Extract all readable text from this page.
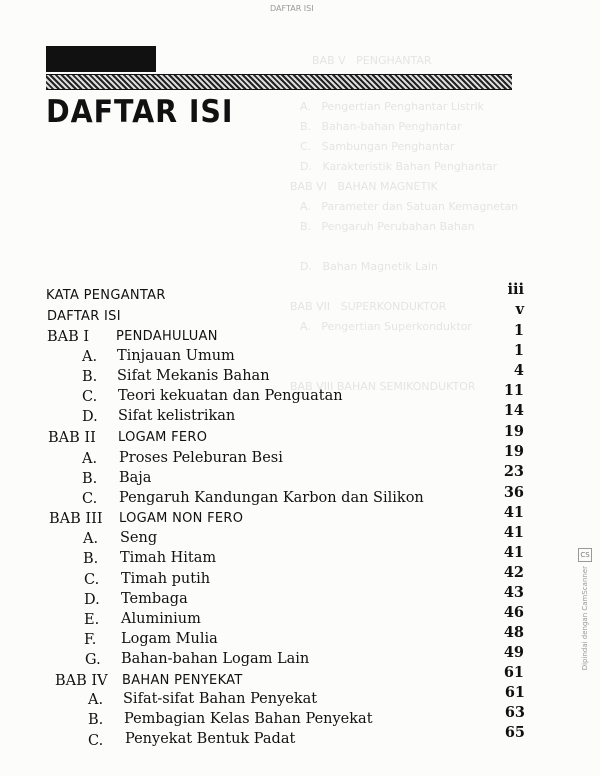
DAFTAR ISI
BAB V   PENGHANTAR
A.   Pengertian Penghantar Listrik
B.   Bahan-bahan Penghantar
C.   Sambungan Penghantar
D.   Karakteristik Bahan Penghantar
BAB VI   BAHAN MAGNETIK
A.   Parameter dan Satuan Kemagnetan
B.   Pengaruh Perubahan Bahan
D.   Bahan Magnetik Lain
BAB VII   SUPERKONDUKTOR
A.   Pengertian Superkonduktor
BAB VIII BAHAN SEMIKONDUKTOR
DAFTAR ISI
KATA PENGANTAR	iii
DAFTAR ISI	v
BAB I PENDAHULUAN	1
A. Tinjauan Umum	1
B. Sifat Mekanis Bahan	4
C. Teori kekuatan dan Penguatan	11
D. Sifat kelistrikan	14
BAB II LOGAM FERO	19
A. Proses Peleburan Besi	19
B. Baja	23
C. Pengaruh Kandungan Karbon dan Silikon	36
BAB III LOGAM NON FERO	41
A. Seng	41
B. Timah Hitam	41
C. Timah putih	42
D. Tembaga	43
E. Aluminium	46
F. Logam Mulia	48
G. Bahan-bahan Logam Lain	49
BAB IV BAHAN PENYEKAT	61
A. Sifat-sifat Bahan Penyekat	61
B. Pembagian Kelas Bahan Penyekat	63
C. Penyekat Bentuk Padat	65
CS
Dipindai dengan CamScanner
